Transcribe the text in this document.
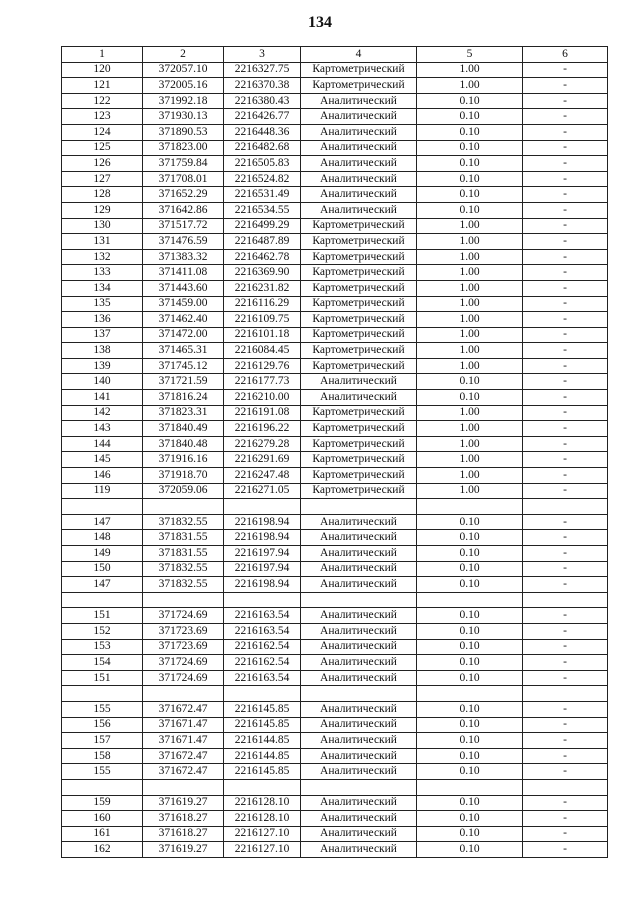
134
1	2	3	4	5	6
120	372057.10	2216327.75	Картометрический	1.00	-
121	372005.16	2216370.38	Картометрический	1.00	-
122	371992.18	2216380.43	Аналитический	0.10	-
123	371930.13	2216426.77	Аналитический	0.10	-
124	371890.53	2216448.36	Аналитический	0.10	-
125	371823.00	2216482.68	Аналитический	0.10	-
126	371759.84	2216505.83	Аналитический	0.10	-
127	371708.01	2216524.82	Аналитический	0.10	-
128	371652.29	2216531.49	Аналитический	0.10	-
129	371642.86	2216534.55	Аналитический	0.10	-
130	371517.72	2216499.29	Картометрический	1.00	-
131	371476.59	2216487.89	Картометрический	1.00	-
132	371383.32	2216462.78	Картометрический	1.00	-
133	371411.08	2216369.90	Картометрический	1.00	-
134	371443.60	2216231.82	Картометрический	1.00	-
135	371459.00	2216116.29	Картометрический	1.00	-
136	371462.40	2216109.75	Картометрический	1.00	-
137	371472.00	2216101.18	Картометрический	1.00	-
138	371465.31	2216084.45	Картометрический	1.00	-
139	371745.12	2216129.76	Картометрический	1.00	-
140	371721.59	2216177.73	Аналитический	0.10	-
141	371816.24	2216210.00	Аналитический	0.10	-
142	371823.31	2216191.08	Картометрический	1.00	-
143	371840.49	2216196.22	Картометрический	1.00	-
144	371840.48	2216279.28	Картометрический	1.00	-
145	371916.16	2216291.69	Картометрический	1.00	-
146	371918.70	2216247.48	Картометрический	1.00	-
119	372059.06	2216271.05	Картометрический	1.00	-

147	371832.55	2216198.94	Аналитический	0.10	-
148	371831.55	2216198.94	Аналитический	0.10	-
149	371831.55	2216197.94	Аналитический	0.10	-
150	371832.55	2216197.94	Аналитический	0.10	-
147	371832.55	2216198.94	Аналитический	0.10	-

151	371724.69	2216163.54	Аналитический	0.10	-
152	371723.69	2216163.54	Аналитический	0.10	-
153	371723.69	2216162.54	Аналитический	0.10	-
154	371724.69	2216162.54	Аналитический	0.10	-
151	371724.69	2216163.54	Аналитический	0.10	-

155	371672.47	2216145.85	Аналитический	0.10	-
156	371671.47	2216145.85	Аналитический	0.10	-
157	371671.47	2216144.85	Аналитический	0.10	-
158	371672.47	2216144.85	Аналитический	0.10	-
155	371672.47	2216145.85	Аналитический	0.10	-

159	371619.27	2216128.10	Аналитический	0.10	-
160	371618.27	2216128.10	Аналитический	0.10	-
161	371618.27	2216127.10	Аналитический	0.10	-
162	371619.27	2216127.10	Аналитический	0.10	-
